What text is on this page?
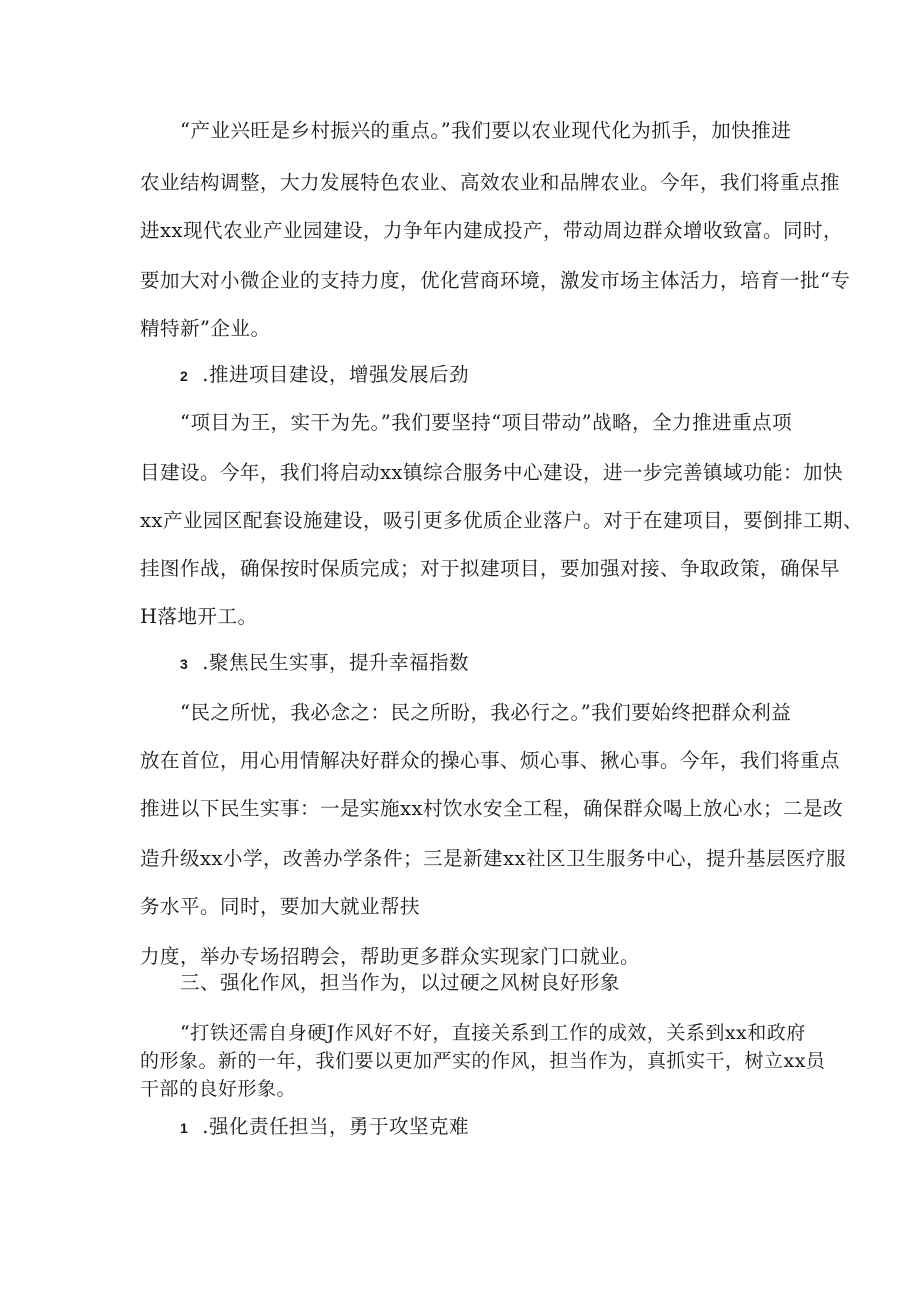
“产业兴旺是乡村振兴的重点。”我们要以农业现代化为抓手，加快推进
农业结构调整，大力发展特色农业、高效农业和品牌农业。今年，我们将重点推
进xx现代农业产业园建设，力争年内建成投产，带动周边群众增收致富。同时，
要加大对小微企业的支持力度，优化营商环境，激发市场主体活力，培育一批“专
精特新”企业。
2 .推进项目建设，增强发展后劲
“项目为王，实干为先。”我们要坚持“项目带动”战略，全力推进重点项
目建设。今年，我们将启动xx镇综合服务中心建设，进一步完善镇域功能：加快
xx产业园区配套设施建设，吸引更多优质企业落户。对于在建项目，要倒排工期、
挂图作战，确保按时保质完成；对于拟建项目，要加强对接、争取政策，确保早
H落地开工。
3 .聚焦民生实事，提升幸福指数
“民之所忧，我必念之：民之所盼，我必行之。”我们要始终把群众利益
放在首位，用心用情解决好群众的操心事、烦心事、揪心事。今年，我们将重点
推进以下民生实事：一是实施xx村饮水安全工程，确保群众喝上放心水；二是改
造升级xx小学，改善办学条件；三是新建xx社区卫生服务中心，提升基层医疗服
务水平。同时，要加大就业帮扶
力度，举办专场招聘会，帮助更多群众实现家门口就业。
三、强化作风，担当作为，以过硬之风树良好形象
“打铁还需自身硬J作风好不好，直接关系到工作的成效，关系到xx和政府
的形象。新的一年，我们要以更加严实的作风，担当作为，真抓实干，树立xx员
干部的良好形象。
1 .强化责任担当，勇于攻坚克难
